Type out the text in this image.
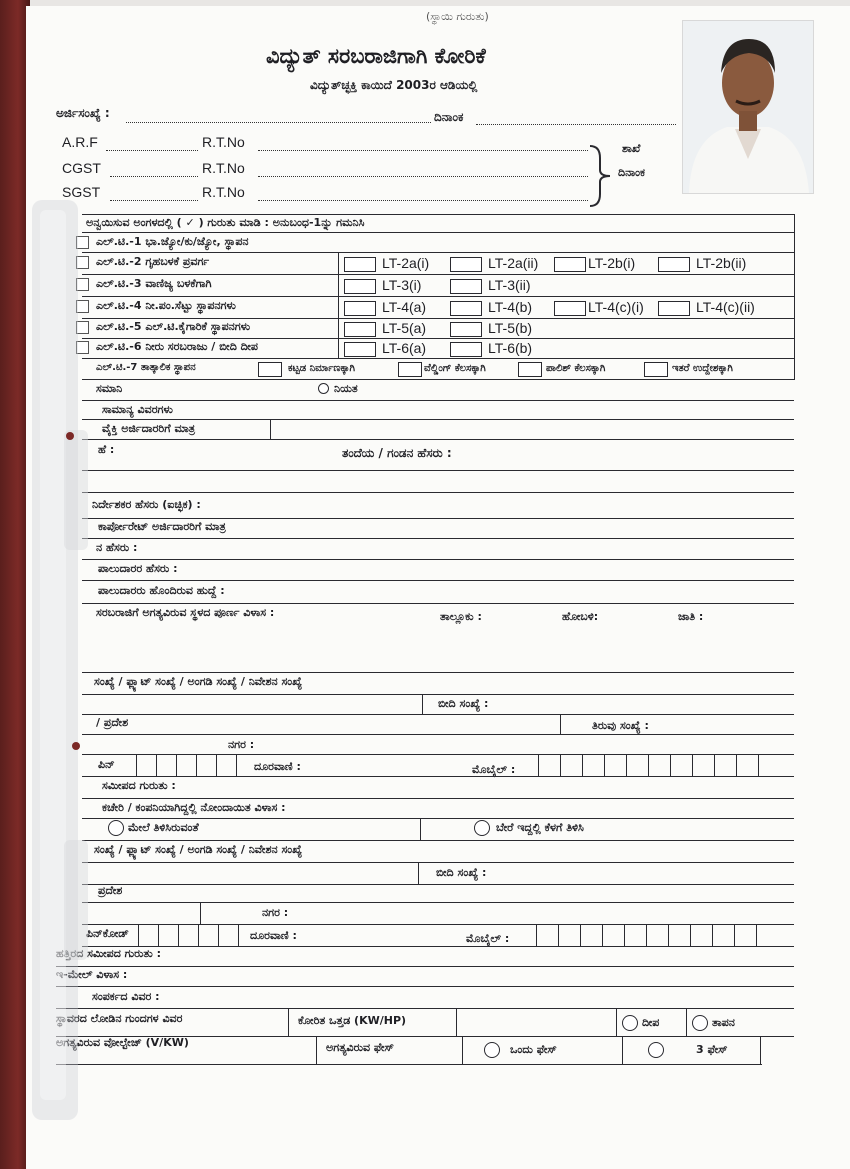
(ಸ್ಥಾಯಿ ಗುರುತು)
ವಿದ್ಯುತ್ ಸರಬರಾಜಿಗಾಗಿ ಕೋರಿಕೆ
ವಿದ್ಯುತ್‌ಚ್ಛಕ್ತಿ ಕಾಯಿದೆ 2003ರ ಆಡಿಯಲ್ಲಿ
ಅರ್ಜಿಸಂಖ್ಯೆ :	ದಿನಾಂಕ
A.R.F	R.T.No
CGST	R.T.No
SGST	R.T.No
ಶಾಖೆ
ದಿನಾಂಕ
ಅನ್ವಯಿಸುವ ಅಂಗಳದಲ್ಲಿ ( ✓ ) ಗುರುತು ಮಾಡಿ : ಅನುಬಂಧ-1ನ್ನು ಗಮನಿಸಿ
ಎಲ್.ಟಿ.-1 ಭಾ.ಜ್ಯೋ/ಕು/ಜ್ಯೋ, ಸ್ಥಾಪನ
ಎಲ್.ಟಿ.-2 ಗೃಹಬಳಕೆ ಪ್ರವರ್ಗ	LT-2a(i)	LT-2a(ii)	LT-2b(i)	LT-2b(ii)
ಎಲ್.ಟಿ.-3 ವಾಣಿಜ್ಯ ಬಳಕೆಗಾಗಿ	LT-3(i)	LT-3(ii)
ಎಲ್.ಟಿ.-4 ನೀ.ಪಂ.ಸೆಟ್ಟು ಸ್ಥಾಪನಗಳು	LT-4(a)	LT-4(b)	LT-4(c)(i)	LT-4(c)(ii)
ಎಲ್.ಟಿ.-5 ಎಲ್.ಟಿ.ಕೈಗಾರಿಕೆ ಸ್ಥಾಪನಗಳು	LT-5(a)	LT-5(b)
ಎಲ್.ಟಿ.-6 ನೀರು ಸರಬರಾಜು / ಬೀದಿ ದೀಪ	LT-6(a)	LT-6(b)
ಎಲ್.ಟಿ.-7 ತಾತ್ಕಾಲಿಕ ಸ್ಥಾಪನ	ಕಟ್ಟಡ ನಿರ್ಮಾಣಕ್ಕಾಗಿ	ವೆಲ್ಡಿಂಗ್ ಕೆಲಸಕ್ಕಾಗಿ	ಪಾಲಿಶ್ ಕೆಲಸಕ್ಕಾಗಿ	ಇತರೆ ಉದ್ದೇಶಕ್ಕಾಗಿ
ಸಮಾನಿ	ನಿಯತ
ಸಾಮಾನ್ಯ ವಿವರಗಳು
ವೈಕ್ತಿ ಅರ್ಜಿದಾರರಿಗೆ ಮಾತ್ರ
ಹೆ :	ತಂದೆಯ / ಗಂಡನ ಹೆಸರು :
ನಿರ್ದೇಶಕರ ಹೆಸರು (ಐಚ್ಛಿಕ) :
ಕಾರ್ಪೋರೇಟ್ ಅರ್ಜಿದಾರರಿಗೆ ಮಾತ್ರ
ನ ಹೆಸರು :
ಪಾಲುದಾರರ ಹೆಸರು :
ಪಾಲುದಾರರು ಹೊಂದಿರುವ ಹುದ್ದೆ :
ಸರಬರಾಜಿಗೆ ಅಗತ್ಯವಿರುವ ಸ್ಥಳದ ಪೂರ್ಣ ವಿಳಾಸ :	ತಾಲ್ಲೂಕು :	ಹೋಬಳಿ:	ಜಾತಿ :
ಸಂಖ್ಯೆ / ಫ್ಲ್ಯಾಟ್ ಸಂಖ್ಯೆ / ಅಂಗಡಿ ಸಂಖ್ಯೆ / ನಿವೇಶನ ಸಂಖ್ಯೆ
ಬೀದಿ ಸಂಖ್ಯೆ :
/ ಪ್ರದೇಶ	ತಿರುವು ಸಂಖ್ಯೆ :
ನಗರ :
ಪಿನ್	ದೂರವಾಣಿ :	ಮೊಬೈಲ್ :
ಸಮೀಪದ ಗುರುತು :
ಕಚೇರಿ / ಕಂಪನಿಯಾಗಿದ್ದಲ್ಲಿ ನೋಂದಾಯಿತ ವಿಳಾಸ :
ಮೇಲೆ ತಿಳಿಸಿರುವಂತೆ	ಬೇರೆ ಇದ್ದಲ್ಲಿ ಕೆಳಗೆ ತಿಳಿಸಿ
ಸಂಖ್ಯೆ / ಫ್ಲ್ಯಾಟ್ ಸಂಖ್ಯೆ / ಅಂಗಡಿ ಸಂಖ್ಯೆ / ನಿವೇಶನ ಸಂಖ್ಯೆ
ಬೀದಿ ಸಂಖ್ಯೆ :
ಪ್ರದೇಶ
ನಗರ :
ಪಿನ್‌ಕೋಡ್	ದೂರವಾಣಿ :	ಮೊಬೈಲ್ :
ಹತ್ತಿರದ ಸಮೀಪದ ಗುರುತು :
ಇ-ಮೇಲ್ ವಿಳಾಸ :
ಸಂಪರ್ಕದ ವಿವರ :
ಸ್ಥಾವರದ ಲೋಡಿನ ಗುಂದಗಳ ವಿವರ	ಕೋರಿತ ಒತ್ತಡ (KW/HP)	ದೀಪ	ತಾಪನ
ಅಗತ್ಯವಿರುವ ವೋಲ್ಟೇಜ್ (V/KW)	ಅಗತ್ಯವಿರುವ ಫೇಸ್	ಒಂದು ಫೇಸ್	3 ಫೇಸ್
